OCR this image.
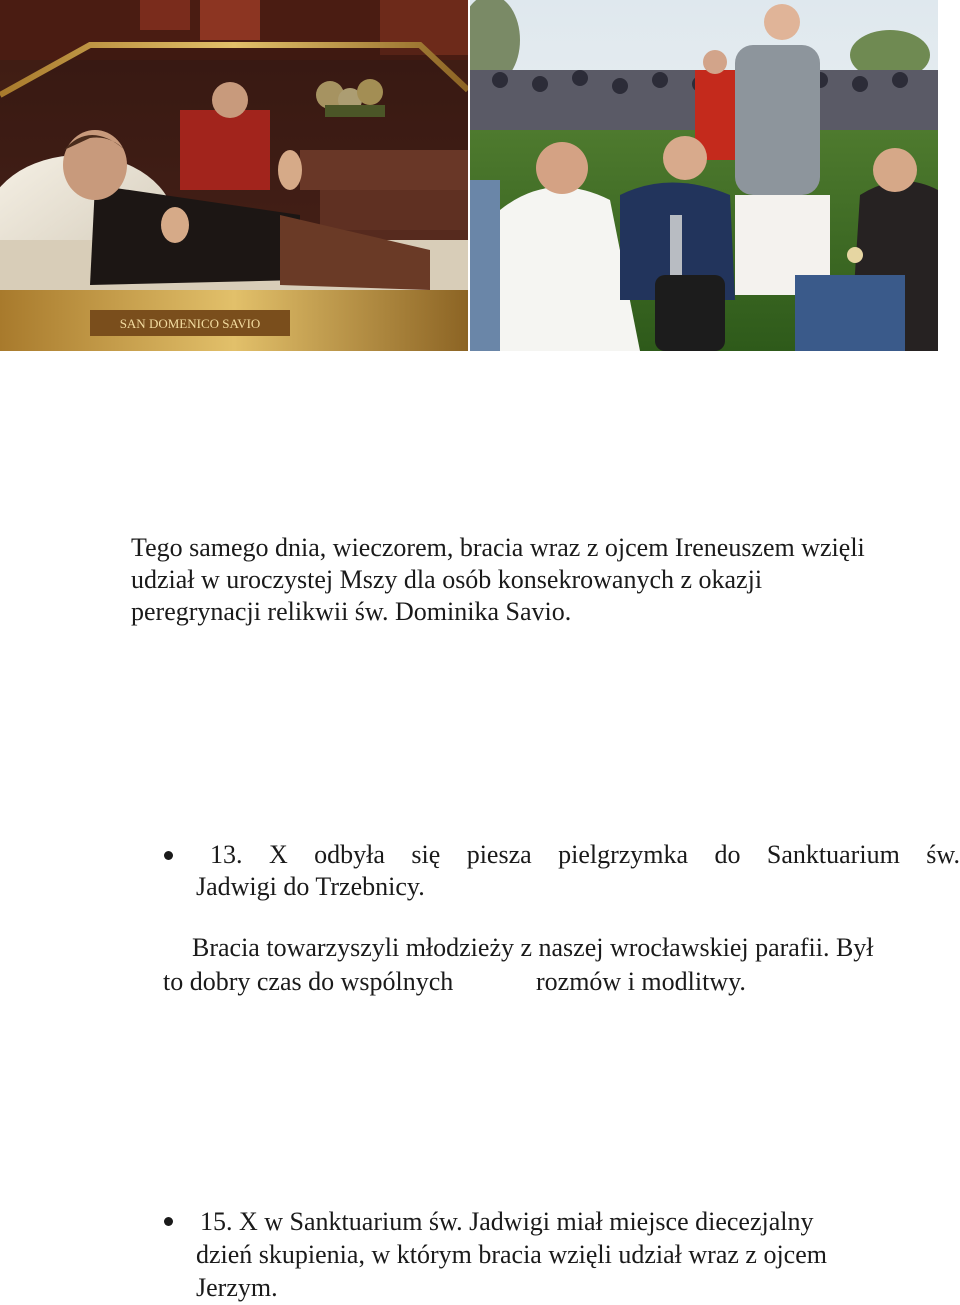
SAN DOMENICO SAVIO

Tego samego dnia, wieczorem, bracia wraz z ojcem Ireneuszem wzięli
udział w uroczystej Mszy dla osób konsekrowanych z okazji
peregrynacji relikwii św. Dominika Savio.

13. X odbyła się piesza pielgrzymka do Sanktuarium św.
Jadwigi do Trzebnicy.
Bracia towarzyszyli młodzieży z naszej wrocławskiej parafii. Był
to dobry czas do wspólnych	rozmów i modlitwy.

15. X w Sanktuarium św. Jadwigi miał miejsce diecezjalny
dzień skupienia, w którym bracia wzięli udział wraz z ojcem
Jerzym.
